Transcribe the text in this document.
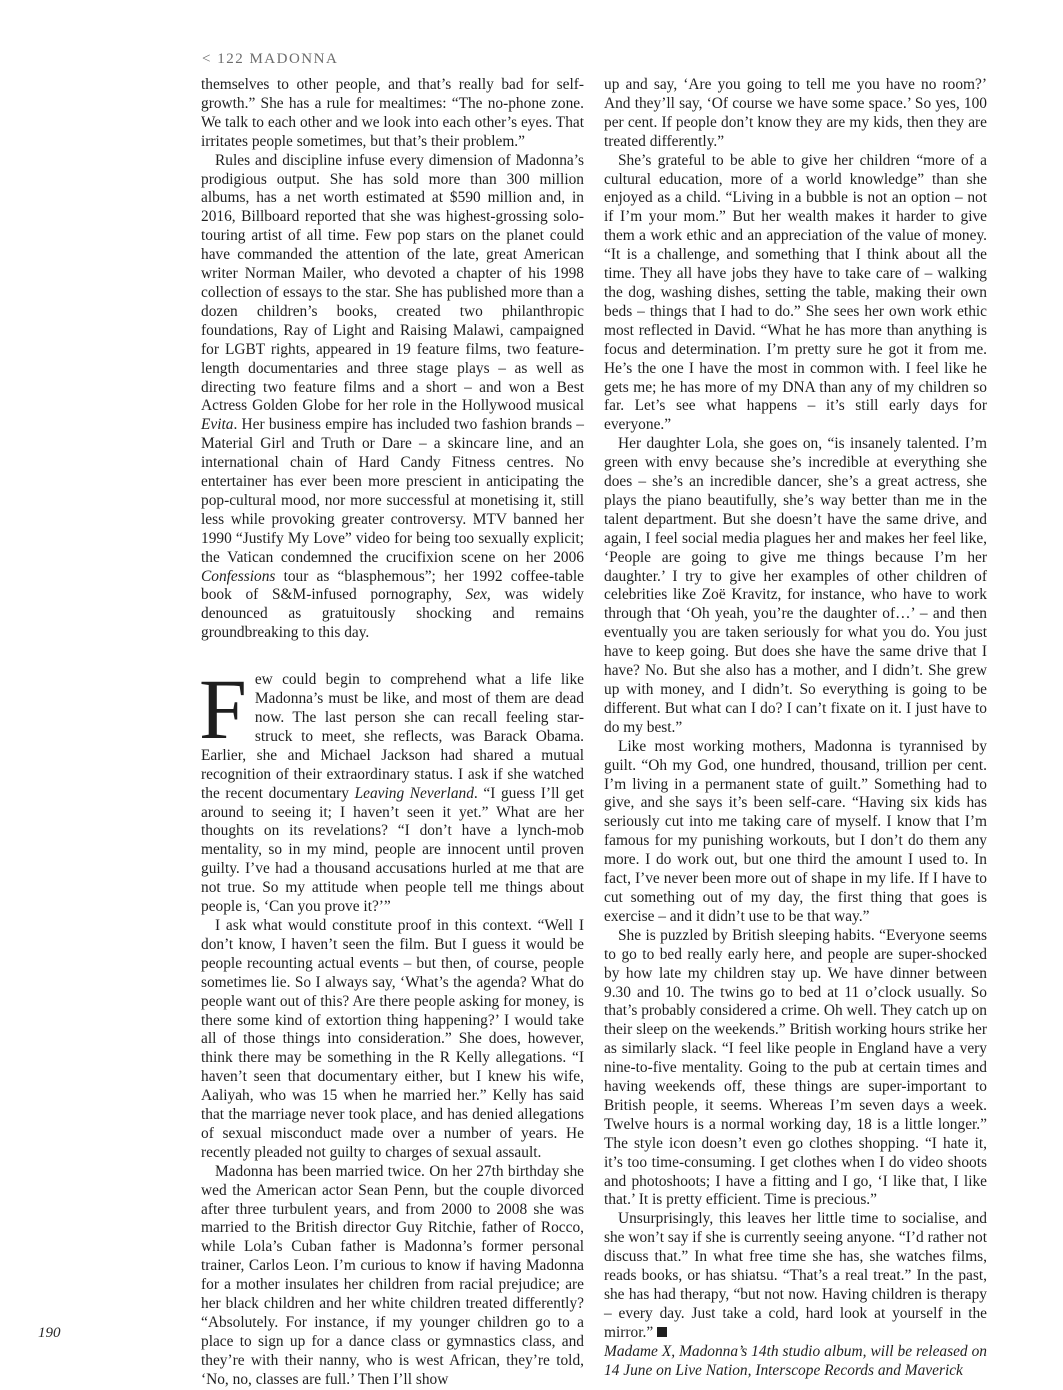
< 122 MADONNA

themselves to other people, and that’s really bad for self-growth.” She has a rule for mealtimes: “The no-phone zone. We talk to each other and we look into each other’s eyes. That irritates people sometimes, but that’s their problem.”

Rules and discipline infuse every dimension of Madonna’s prodigious output. She has sold more than 300 million albums, has a net worth estimated at $590 million and, in 2016, Billboard reported that she was highest-grossing solo-touring artist of all time. Few pop stars on the planet could have commanded the attention of the late, great American writer Norman Mailer, who devoted a chapter of his 1998 collection of essays to the star. She has published more than a dozen children’s books, created two philanthropic foundations, Ray of Light and Raising Malawi, campaigned for LGBT rights, appeared in 19 feature films, two feature-length documentaries and three stage plays – as well as directing two feature films and a short – and won a Best Actress Golden Globe for her role in the Hollywood musical Evita. Her business empire has included two fashion brands – Material Girl and Truth or Dare – a skincare line, and an international chain of Hard Candy Fitness centres. No entertainer has ever been more prescient in anticipating the pop-cultural mood, nor more successful at monetising it, still less while provoking greater controversy. MTV banned her 1990 “Justify My Love” video for being too sexually explicit; the Vatican condemned the crucifixion scene on her 2006 Confessions tour as “blasphemous”; her 1992 coffee-table book of S&M-infused pornography, Sex, was widely denounced as gratuitously shocking and remains groundbreaking to this day.

Few could begin to comprehend what a life like Madonna’s must be like, and most of them are dead now. The last person she can recall feeling star-struck to meet, she reflects, was Barack Obama. Earlier, she and Michael Jackson had shared a mutual recognition of their extraordinary status. I ask if she watched the recent documentary Leaving Neverland. “I guess I’ll get around to seeing it; I haven’t seen it yet.” What are her thoughts on its revelations? “I don’t have a lynch-mob mentality, so in my mind, people are innocent until proven guilty. I’ve had a thousand accusations hurled at me that are not true. So my attitude when people tell me things about people is, ‘Can you prove it?’”

I ask what would constitute proof in this context. “Well I don’t know, I haven’t seen the film. But I guess it would be people recounting actual events – but then, of course, people sometimes lie. So I always say, ‘What’s the agenda? What do people want out of this? Are there people asking for money, is there some kind of extortion thing happening?’ I would take all of those things into consideration.” She does, however, think there may be something in the R Kelly allegations. “I haven’t seen that documentary either, but I knew his wife, Aaliyah, who was 15 when he married her.” Kelly has said that the marriage never took place, and has denied allegations of sexual misconduct made over a number of years. He recently pleaded not guilty to charges of sexual assault.

Madonna has been married twice. On her 27th birthday she wed the American actor Sean Penn, but the couple divorced after three turbulent years, and from 2000 to 2008 she was married to the British director Guy Ritchie, father of Rocco, while Lola’s Cuban father is Madonna’s former personal trainer, Carlos Leon. I’m curious to know if having Madonna for a mother insulates her children from racial prejudice; are her black children and her white children treated differently? “Absolutely. For instance, if my younger children go to a place to sign up for a dance class or gymnastics class, and they’re with their nanny, who is west African, they’re told, ‘No, no, classes are full.’ Then I’ll show

up and say, ‘Are you going to tell me you have no room?’ And they’ll say, ‘Of course we have some space.’ So yes, 100 per cent. If people don’t know they are my kids, then they are treated differently.”

She’s grateful to be able to give her children “more of a cultural education, more of a world knowledge” than she enjoyed as a child. “Living in a bubble is not an option – not if I’m your mom.” But her wealth makes it harder to give them a work ethic and an appreciation of the value of money. “It is a challenge, and something that I think about all the time. They all have jobs they have to take care of – walking the dog, washing dishes, setting the table, making their own beds – things that I had to do.” She sees her own work ethic most reflected in David. “What he has more than anything is focus and determination. I’m pretty sure he got it from me. He’s the one I have the most in common with. I feel like he gets me; he has more of my DNA than any of my children so far. Let’s see what happens – it’s still early days for everyone.”

Her daughter Lola, she goes on, “is insanely talented. I’m green with envy because she’s incredible at everything she does – she’s an incredible dancer, she’s a great actress, she plays the piano beautifully, she’s way better than me in the talent department. But she doesn’t have the same drive, and again, I feel social media plagues her and makes her feel like, ‘People are going to give me things because I’m her daughter.’ I try to give her examples of other children of celebrities like Zoë Kravitz, for instance, who have to work through that ‘Oh yeah, you’re the daughter of…’ – and then eventually you are taken seriously for what you do. You just have to keep going. But does she have the same drive that I have? No. But she also has a mother, and I didn’t. She grew up with money, and I didn’t. So everything is going to be different. But what can I do? I can’t fixate on it. I just have to do my best.”

Like most working mothers, Madonna is tyrannised by guilt. “Oh my God, one hundred, thousand, trillion per cent. I’m living in a permanent state of guilt.” Something had to give, and she says it’s been self-care. “Having six kids has seriously cut into me taking care of myself. I know that I’m famous for my punishing workouts, but I don’t do them any more. I do work out, but one third the amount I used to. In fact, I’ve never been more out of shape in my life. If I have to cut something out of my day, the first thing that goes is exercise – and it didn’t use to be that way.”

She is puzzled by British sleeping habits. “Everyone seems to go to bed really early here, and people are super-shocked by how late my children stay up. We have dinner between 9.30 and 10. The twins go to bed at 11 o’clock usually. So that’s probably considered a crime. Oh well. They catch up on their sleep on the weekends.” British working hours strike her as similarly slack. “I feel like people in England have a very nine-to-five mentality. Going to the pub at certain times and having weekends off, these things are super-important to British people, it seems. Whereas I’m seven days a week. Twelve hours is a normal working day, 18 is a little longer.” The style icon doesn’t even go clothes shopping. “I hate it, it’s too time-consuming. I get clothes when I do video shoots and photoshoots; I have a fitting and I go, ‘I like that, I like that.’ It is pretty efficient. Time is precious.”

Unsurprisingly, this leaves her little time to socialise, and she won’t say if she is currently seeing anyone. “I’d rather not discuss that.” In what free time she has, she watches films, reads books, or has shiatsu. “That’s a real treat.” In the past, she has had therapy, “but not now. Having children is therapy – every day. Just take a cold, hard look at yourself in the mirror.”

Madame X, Madonna’s 14th studio album, will be released on 14 June on Live Nation, Interscope Records and Maverick

190
